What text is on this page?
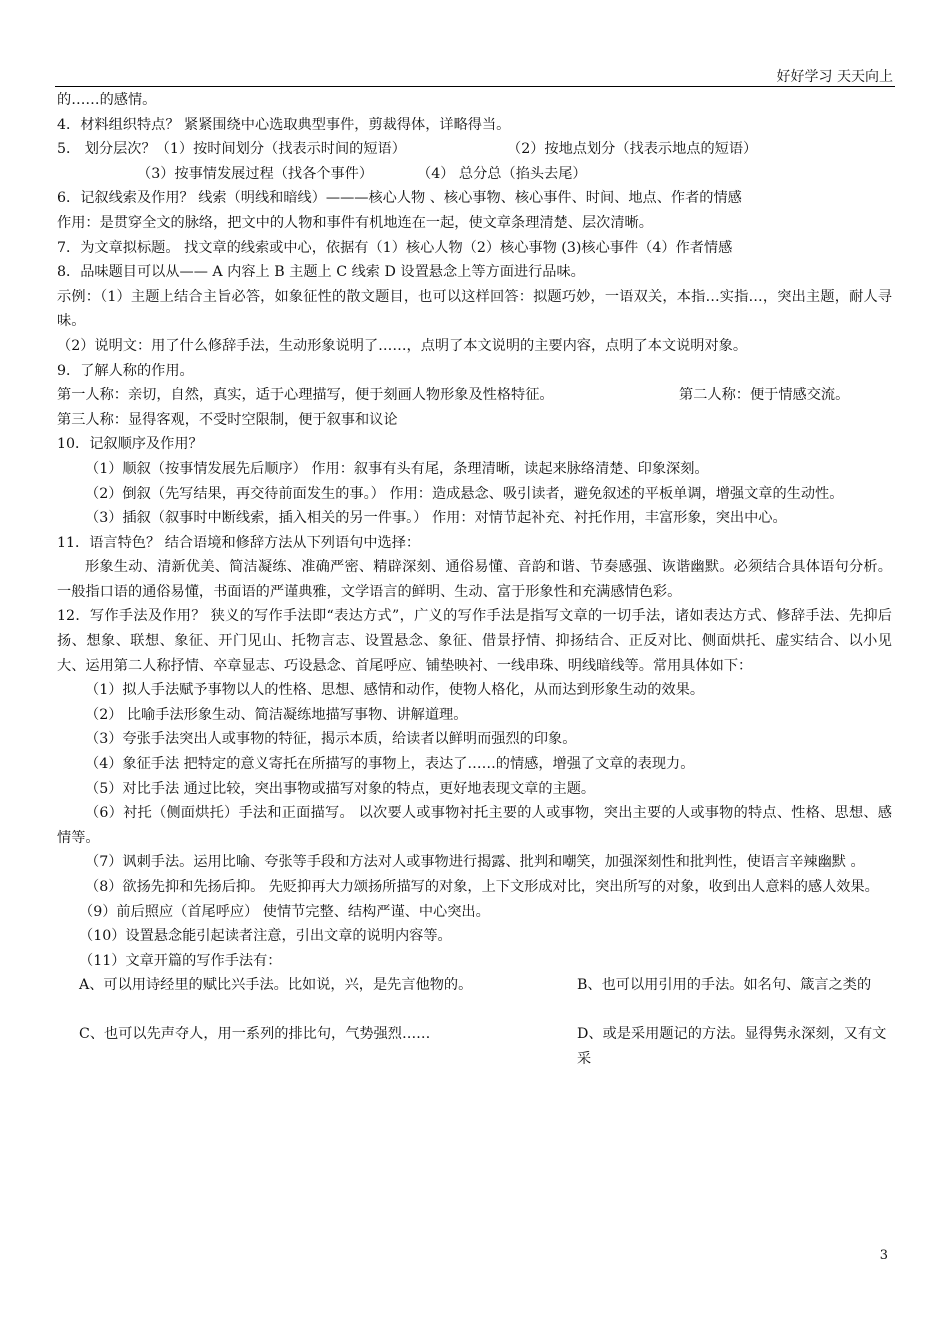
好好学习 天天向上
的……的感情。
4．材料组织特点？ 紧紧围绕中心选取典型事件，剪裁得体，详略得当。
5． 划分层次？（1）按时间划分（找表示时间的短语）	（2）按地点划分（找表示地点的短语）
（3）按事情发展过程（找各个事件）	（4） 总分总（掐头去尾）
6．记叙线索及作用？ 线索（明线和暗线）———核心人物 、核心事物、核心事件、时间、地点、作者的情感
作用：是贯穿全文的脉络，把文中的人物和事件有机地连在一起，使文章条理清楚、层次清晰。
7．为文章拟标题。 找文章的线索或中心，依据有（1）核心人物（2）核心事物 (3)核心事件（4）作者情感
8．品味题目可以从—— A 内容上 B 主题上 C 线索 D 设置悬念上等方面进行品味。
示例：（1）主题上结合主旨必答，如象征性的散文题目，也可以这样回答：拟题巧妙，一语双关，本指…实指…，突出主题，耐人寻味。
（2）说明文：用了什么修辞手法，生动形象说明了……，点明了本文说明的主要内容，点明了本文说明对象。
9．了解人称的作用。
第一人称：亲切，自然，真实，适于心理描写，便于刻画人物形象及性格特征。	第二人称：便于情感交流。
第三人称：显得客观，不受时空限制，便于叙事和议论
10．记叙顺序及作用？
（1）顺叙（按事情发展先后顺序） 作用：叙事有头有尾，条理清晰，读起来脉络清楚、印象深刻。
（2）倒叙（先写结果，再交待前面发生的事。） 作用：造成悬念、吸引读者，避免叙述的平板单调，增强文章的生动性。
（3）插叙（叙事时中断线索，插入相关的另一件事。） 作用：对情节起补充、衬托作用，丰富形象，突出中心。
11．语言特色？ 结合语境和修辞方法从下列语句中选择：
形象生动、清新优美、简洁凝练、准确严密、精辟深刻、通俗易懂、音韵和谐、节奏感强、诙谐幽默。必须结合具体语句分析。一般指口语的通俗易懂，书面语的严谨典雅，文学语言的鲜明、生动、富于形象性和充满感情色彩。
12．写作手法及作用？ 狭义的写作手法即“表达方式”，广义的写作手法是指写文章的一切手法，诸如表达方式、修辞手法、先抑后扬、想象、联想、象征、开门见山、托物言志、设置悬念、象征、借景抒情、抑扬结合、正反对比、侧面烘托、虚实结合、以小见大、运用第二人称抒情、卒章显志、巧设悬念、首尾呼应、铺垫映衬、一线串珠、明线暗线等。常用具体如下：
（1）拟人手法赋予事物以人的性格、思想、感情和动作，使物人格化，从而达到形象生动的效果。
（2） 比喻手法形象生动、简洁凝练地描写事物、讲解道理。
（3）夸张手法突出人或事物的特征，揭示本质，给读者以鲜明而强烈的印象。
（4）象征手法 把特定的意义寄托在所描写的事物上，表达了……的情感，增强了文章的表现力。
（5）对比手法 通过比较，突出事物或描写对象的特点，更好地表现文章的主题。
（6）衬托（侧面烘托）手法和正面描写。 以次要人或事物衬托主要的人或事物，突出主要的人或事物的特点、性格、思想、感情等。
（7）讽刺手法。运用比喻、夸张等手段和方法对人或事物进行揭露、批判和嘲笑，加强深刻性和批判性，使语言辛辣幽默 。
（8）欲扬先抑和先扬后抑。 先贬抑再大力颂扬所描写的对象，上下文形成对比，突出所写的对象，收到出人意料的感人效果。
（9）前后照应（首尾呼应） 使情节完整、结构严谨、中心突出。
（10）设置悬念能引起读者注意，引出文章的说明内容等。
（11）文章开篇的写作手法有：
A、可以用诗经里的赋比兴手法。比如说，兴，是先言他物的。	B、也可以用引用的手法。如名句、箴言之类的
C、也可以先声夺人，用一系列的排比句，气势强烈……	D、或是采用题记的方法。显得隽永深刻，又有文采
3
